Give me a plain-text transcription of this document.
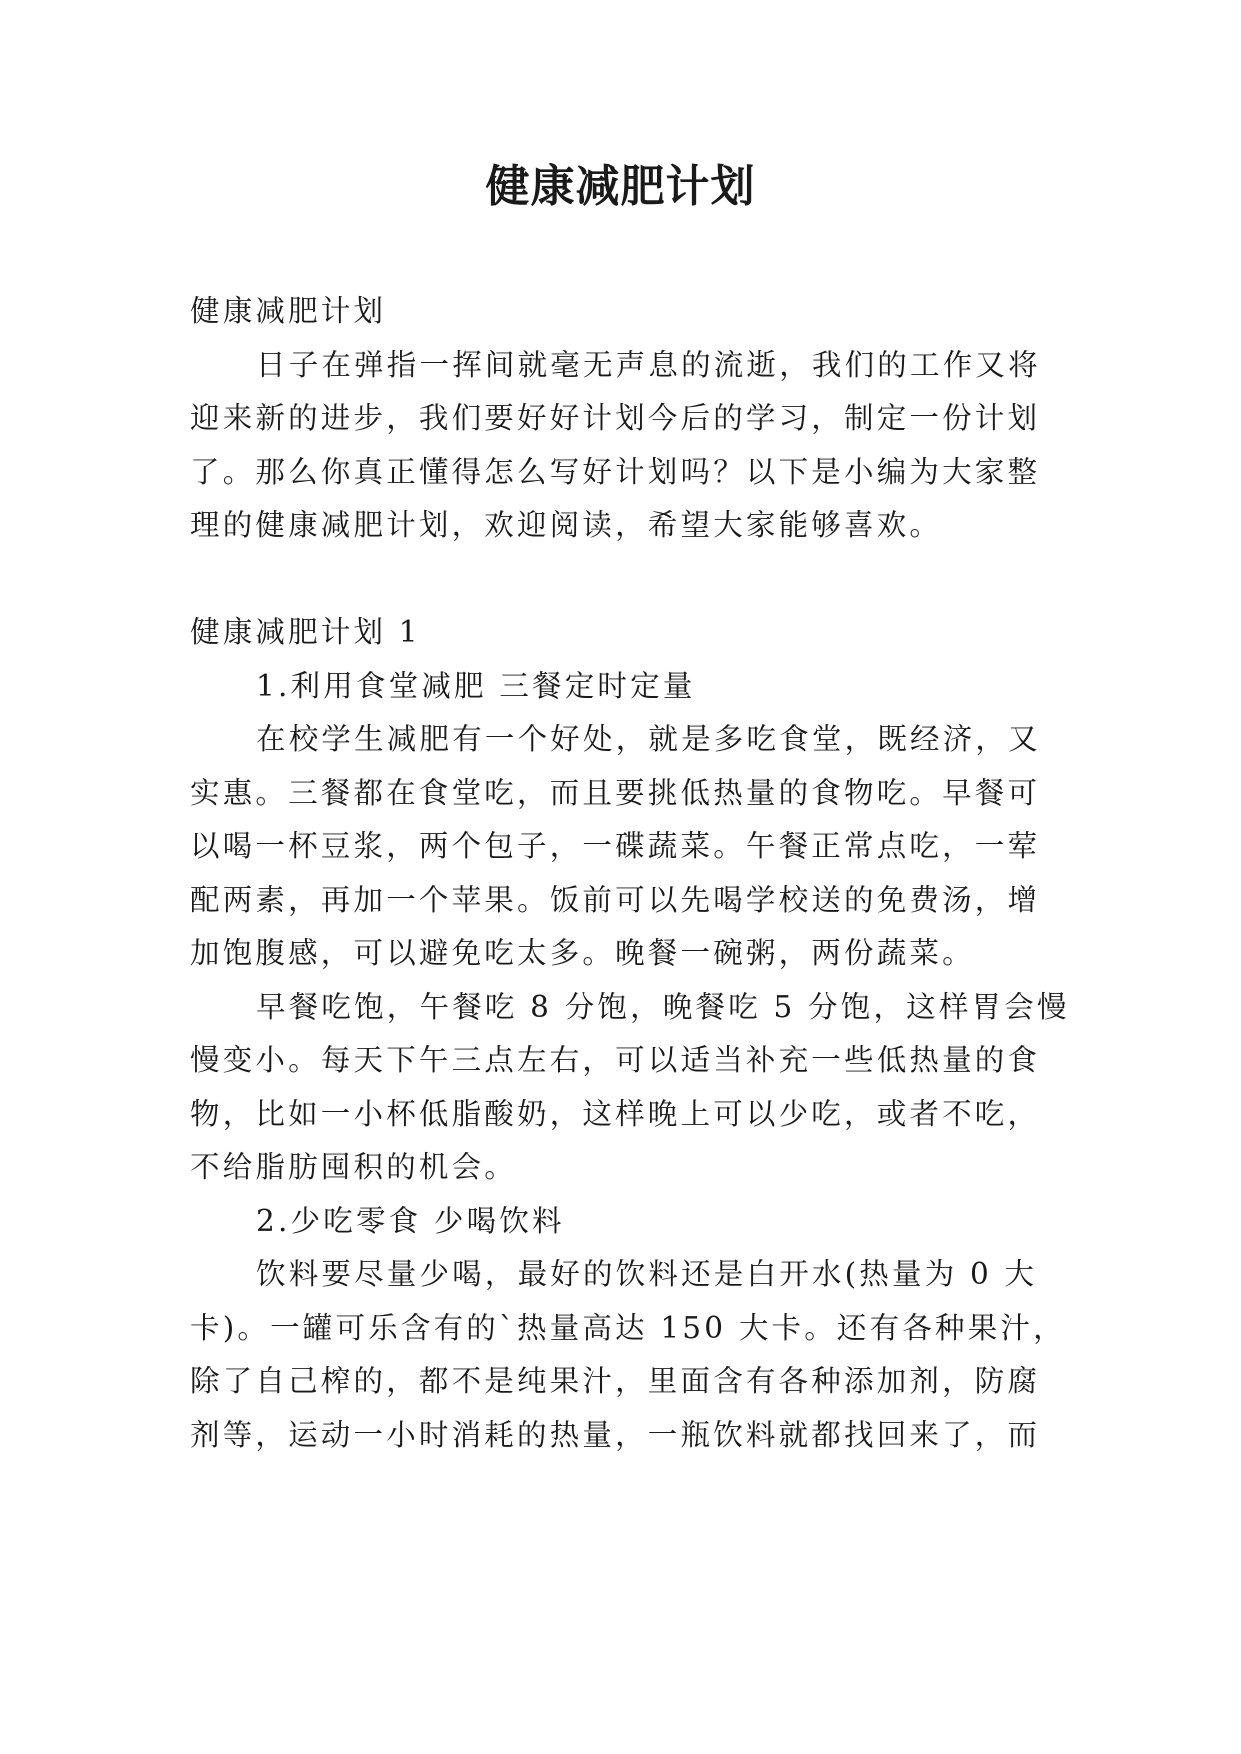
健康减肥计划
健康减肥计划
日子在弹指一挥间就毫无声息的流逝，我们的工作又将
迎来新的进步，我们要好好计划今后的学习，制定一份计划
了。那么你真正懂得怎么写好计划吗？以下是小编为大家整
理的健康减肥计划，欢迎阅读，希望大家能够喜欢。
健康减肥计划 1
1.利用食堂减肥 三餐定时定量
在校学生减肥有一个好处，就是多吃食堂，既经济，又
实惠。三餐都在食堂吃，而且要挑低热量的食物吃。早餐可
以喝一杯豆浆，两个包子，一碟蔬菜。午餐正常点吃，一荤
配两素，再加一个苹果。饭前可以先喝学校送的免费汤，增
加饱腹感，可以避免吃太多。晚餐一碗粥，两份蔬菜。
早餐吃饱，午餐吃 8 分饱，晚餐吃 5 分饱，这样胃会慢
慢变小。每天下午三点左右，可以适当补充一些低热量的食
物，比如一小杯低脂酸奶，这样晚上可以少吃，或者不吃，
不给脂肪囤积的机会。
2.少吃零食 少喝饮料
饮料要尽量少喝，最好的饮料还是白开水(热量为 0 大
卡)。一罐可乐含有的`热量高达 150 大卡。还有各种果汁，
除了自己榨的，都不是纯果汁，里面含有各种添加剂，防腐
剂等，运动一小时消耗的热量，一瓶饮料就都找回来了，而
